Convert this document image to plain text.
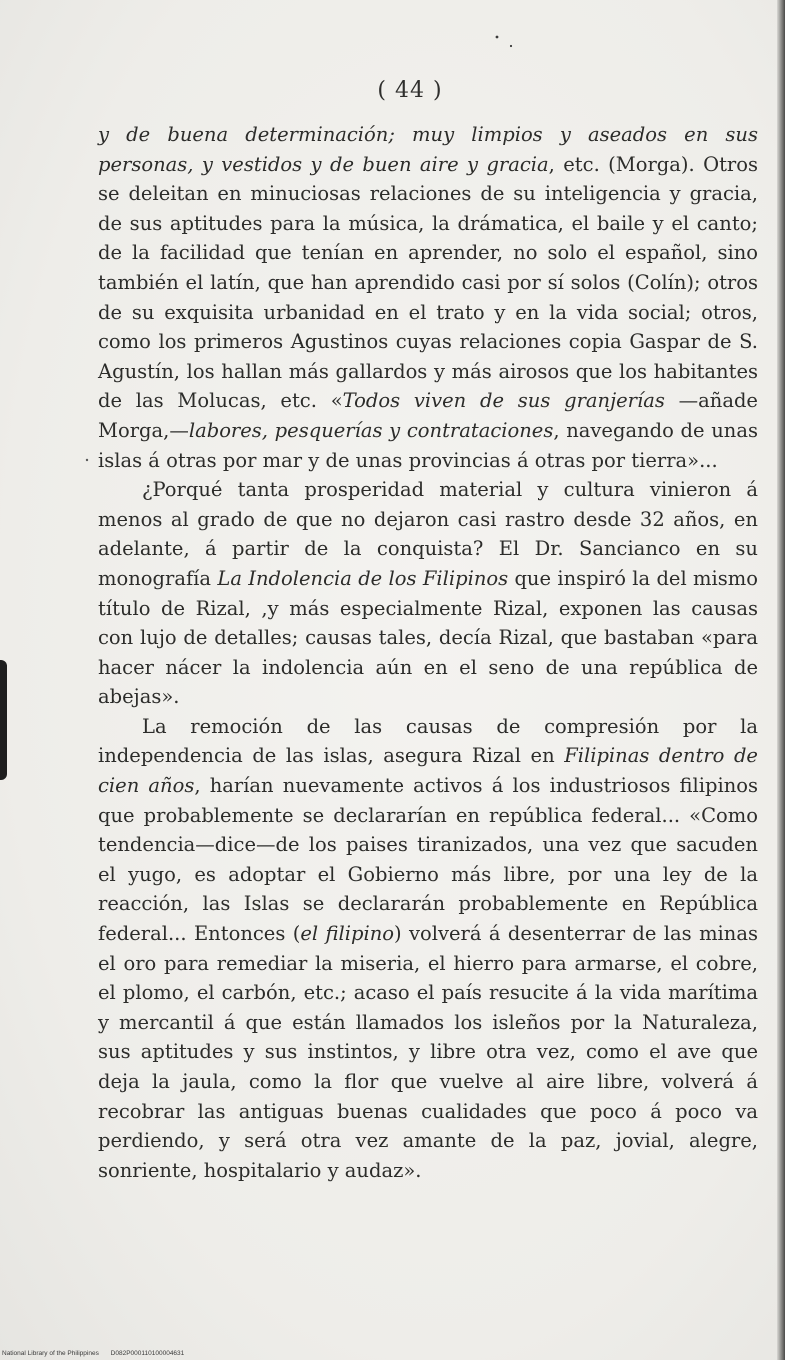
( 44 )

y de buena determinación; muy limpios y aseados en sus personas, y vestidos y de buen aire y gracia, etc. (Morga). Otros se deleitan en minuciosas relaciones de su inteligencia y gracia, de sus aptitudes para la música, la drámatica, el baile y el canto; de la facilidad que tenían en aprender, no solo el español, sino también el latín, que han aprendido casi por sí solos (Colín); otros de su exquisita urbanidad en el trato y en la vida social; otros, como los primeros Agustinos cuyas relaciones copia Gaspar de S. Agustín, los hallan más gallardos y más airosos que los habitantes de las Molucas, etc. «Todos viven de sus granjerías —añade Morga,—labores, pesquerías y contrataciones, navegando de unas islas á otras por mar y de unas provincias á otras por tierra»...

¿Porqué tanta prosperidad material y cultura vinieron á menos al grado de que no dejaron casi rastro desde 32 años, en adelante, á partir de la conquista? El Dr. Sancianco en su monografía La Indolencia de los Filipinos que inspiró la del mismo título de Rizal, ,y más especialmente Rizal, exponen las causas con lujo de detalles; causas tales, decía Rizal, que bastaban «para hacer nácer la indolencia aún en el seno de una república de abejas».

La remoción de las causas de compresión por la independencia de las islas, asegura Rizal en Filipinas dentro de cien años, harían nuevamente activos á los industriosos filipinos que probablemente se declararían en república federal... «Como tendencia—dice—de los paises tiranizados, una vez que sacuden el yugo, es adoptar el Gobierno más libre, por una ley de la reacción, las Islas se declararán probablemente en República federal... Entonces (el filipino) volverá á desenterrar de las minas el oro para remediar la miseria, el hierro para armarse, el cobre, el plomo, el carbón, etc.; acaso el país resucite á la vida marítima y mercantil á que están llamados los isleños por la Naturaleza, sus aptitudes y sus instintos, y libre otra vez, como el ave que deja la jaula, como la flor que vuelve al aire libre, volverá á recobrar las antiguas buenas cualidades que poco á poco va perdiendo, y será otra vez amante de la paz, jovial, alegre, sonriente, hospitalario y audaz».

National Library of the Philippines D082P000110100004631
